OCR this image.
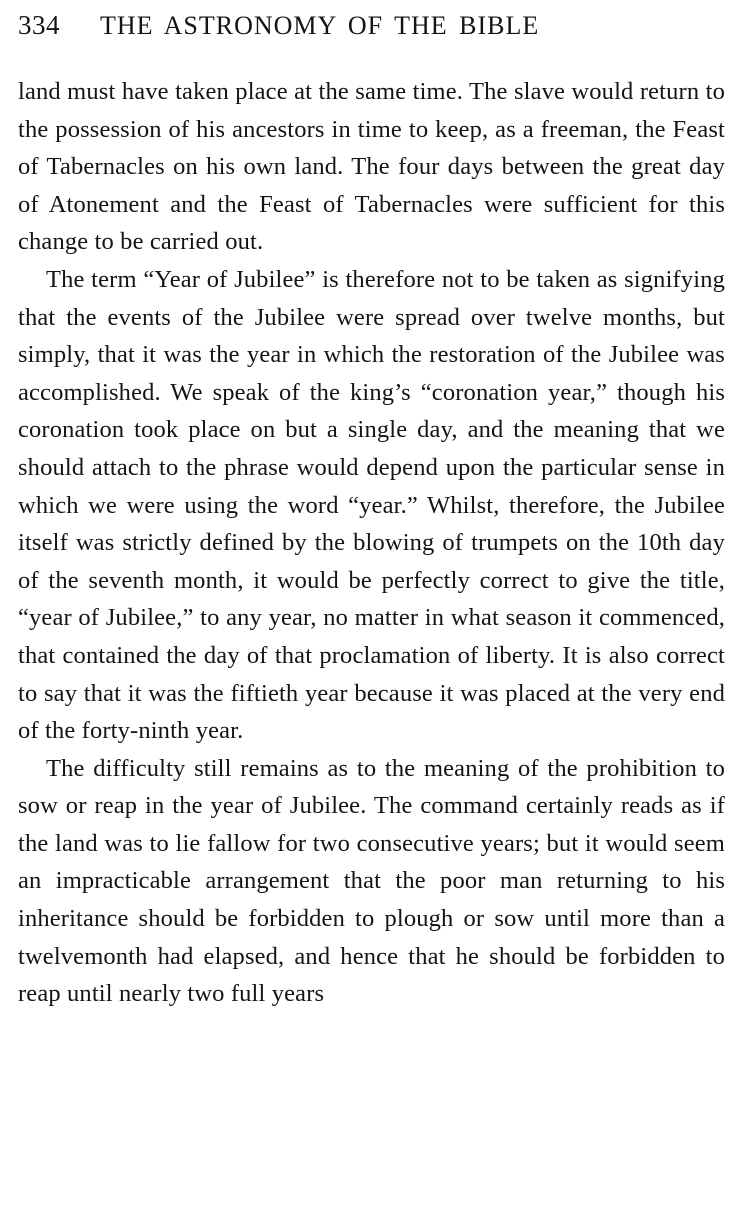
334	THE ASTRONOMY OF THE BIBLE

land must have taken place at the same time. The slave would return to the possession of his ancestors in time to keep, as a freeman, the Feast of Tabernacles on his own land. The four days between the great day of Atonement and the Feast of Tabernacles were sufficient for this change to be carried out.

The term “Year of Jubilee” is therefore not to be taken as signifying that the events of the Jubilee were spread over twelve months, but simply, that it was the year in which the restoration of the Jubilee was accomplished. We speak of the king’s “coronation year,” though his coronation took place on but a single day, and the meaning that we should attach to the phrase would depend upon the particular sense in which we were using the word “year.” Whilst, therefore, the Jubilee itself was strictly defined by the blowing of trumpets on the 10th day of the seventh month, it would be perfectly correct to give the title, “year of Jubilee,” to any year, no matter in what season it commenced, that contained the day of that proclamation of liberty. It is also correct to say that it was the fiftieth year because it was placed at the very end of the forty-ninth year.

The difficulty still remains as to the meaning of the prohibition to sow or reap in the year of Jubilee. The command certainly reads as if the land was to lie fallow for two consecutive years; but it would seem an impracticable arrangement that the poor man returning to his inheritance should be forbidden to plough or sow until more than a twelvemonth had elapsed, and hence that he should be forbidden to reap until nearly two full years
